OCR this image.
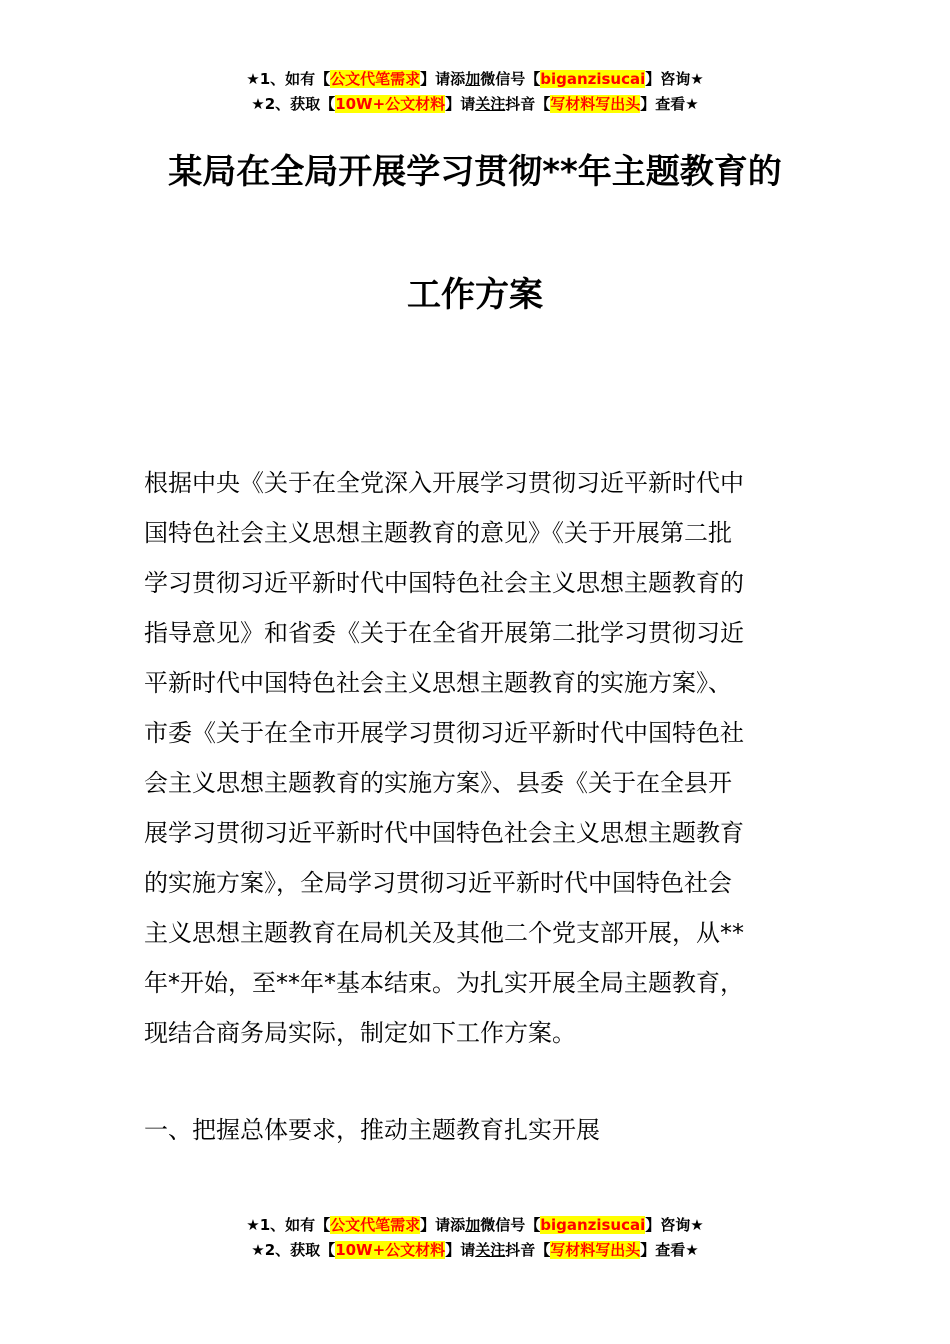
★1、如有【公文代笔需求】请添加微信号【biganzisucai】咨询★
★2、获取【10W+公文材料】请关注抖音【写材料写出头】查看★
某局在全局开展学习贯彻**年主题教育的
工作方案
根据中央《关于在全党深入开展学习贯彻习近平新时代中
国特色社会主义思想主题教育的意见》《关于开展第二批
学习贯彻习近平新时代中国特色社会主义思想主题教育的
指导意见》和省委《关于在全省开展第二批学习贯彻习近
平新时代中国特色社会主义思想主题教育的实施方案》、
市委《关于在全市开展学习贯彻习近平新时代中国特色社
会主义思想主题教育的实施方案》、县委《关于在全县开
展学习贯彻习近平新时代中国特色社会主义思想主题教育
的实施方案》，全局学习贯彻习近平新时代中国特色社会
主义思想主题教育在局机关及其他二个党支部开展，从**
年*开始，至**年*基本结束。为扎实开展全局主题教育，
现结合商务局实际，制定如下工作方案。
一、把握总体要求，推动主题教育扎实开展
★1、如有【公文代笔需求】请添加微信号【biganzisucai】咨询★
★2、获取【10W+公文材料】请关注抖音【写材料写出头】查看★
